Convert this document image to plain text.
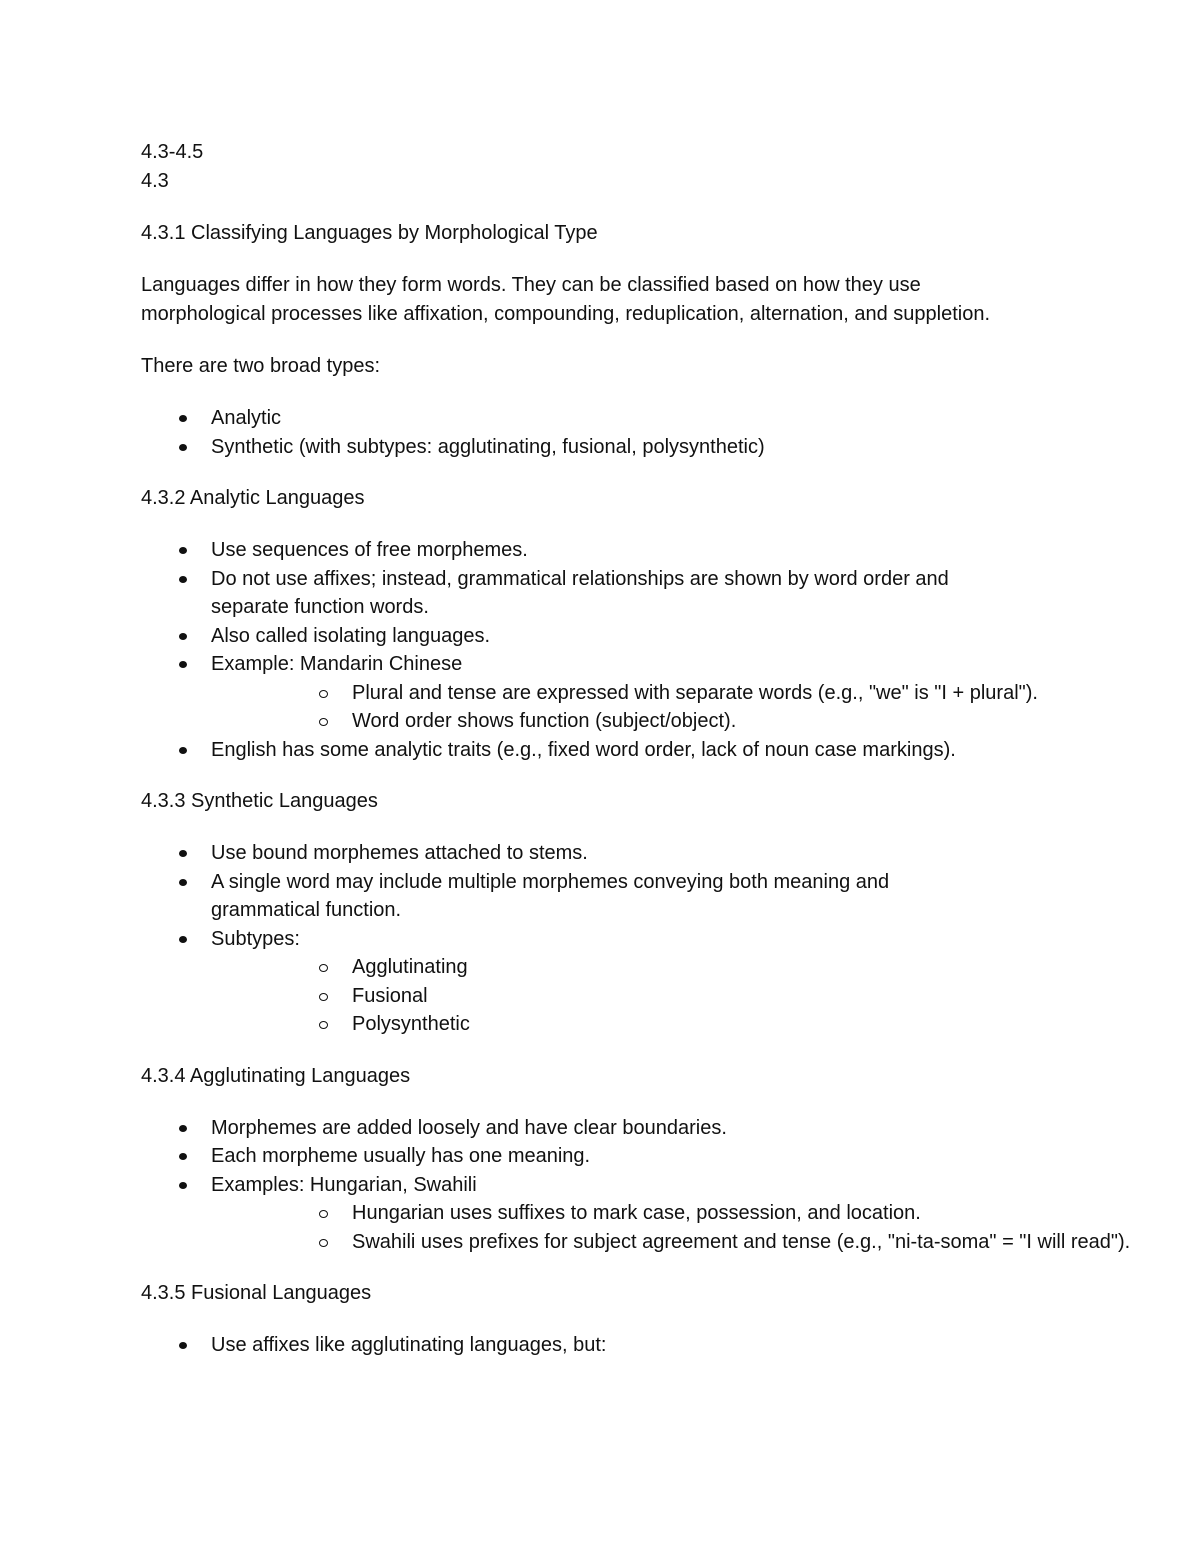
4.3-4.5

4.3

4.3.1 Classifying Languages by Morphological Type

Languages differ in how they form words. They can be classified based on how they use

morphological processes like affixation, compounding, reduplication, alternation, and suppletion.

There are two broad types:

Analytic
Synthetic (with subtypes: agglutinating, fusional, polysynthetic)

4.3.2 Analytic Languages

Use sequences of free morphemes.
Do not use affixes; instead, grammatical relationships are shown by word order and separate function words.
Also called isolating languages.
Example: Mandarin Chinese
Plural and tense are expressed with separate words (e.g., "we" is "I + plural").
Word order shows function (subject/object).
English has some analytic traits (e.g., fixed word order, lack of noun case markings).

4.3.3 Synthetic Languages

Use bound morphemes attached to stems.
A single word may include multiple morphemes conveying both meaning and grammatical function.
Subtypes:
Agglutinating
Fusional
Polysynthetic

4.3.4 Agglutinating Languages

Morphemes are added loosely and have clear boundaries.
Each morpheme usually has one meaning.
Examples: Hungarian, Swahili
Hungarian uses suffixes to mark case, possession, and location.
Swahili uses prefixes for subject agreement and tense (e.g., "ni-ta-soma" = "I will read").

4.3.5 Fusional Languages

Use affixes like agglutinating languages, but:
